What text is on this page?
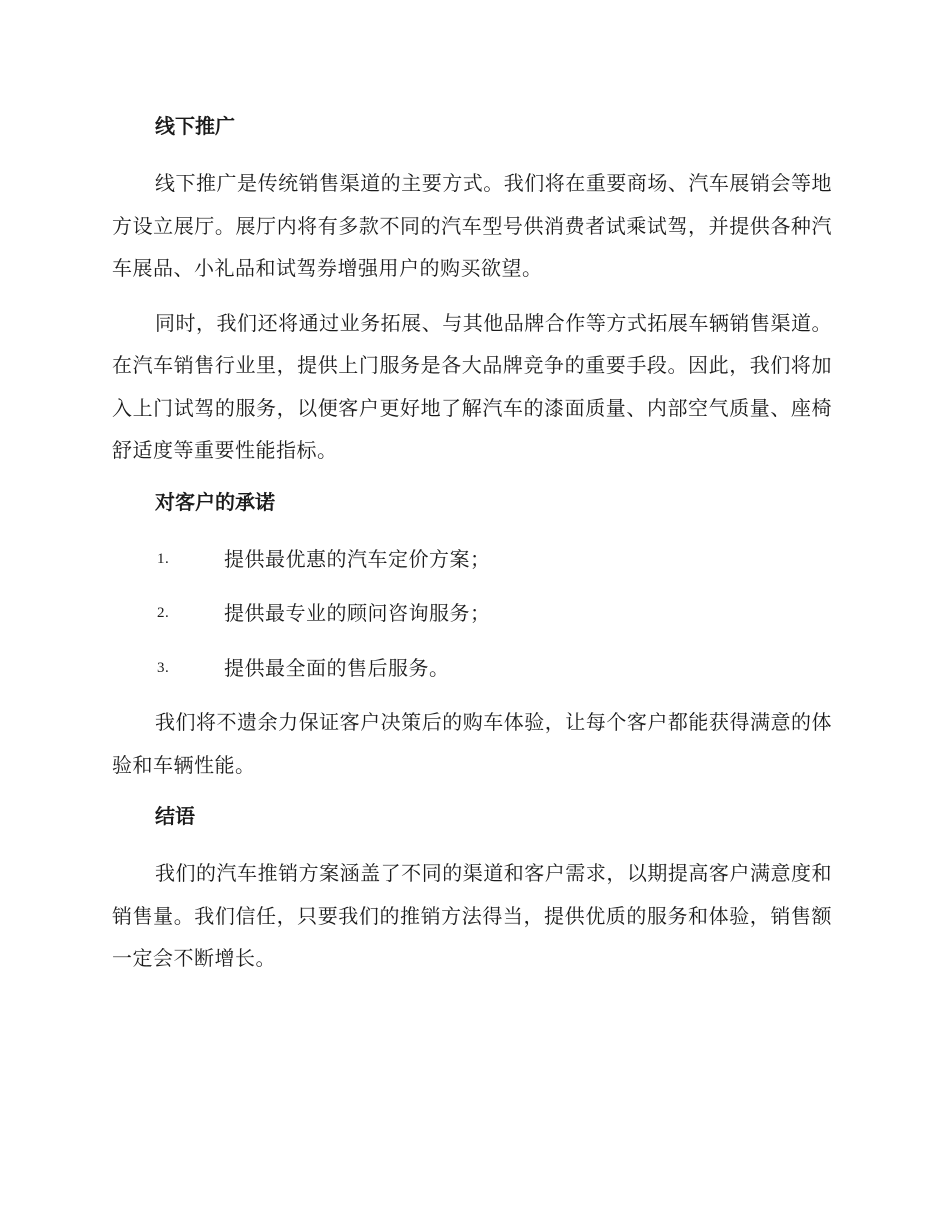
线下推广

线下推广是传统销售渠道的主要方式。我们将在重要商场、汽车展销会等地方设立展厅。展厅内将有多款不同的汽车型号供消费者试乘试驾，并提供各种汽车展品、小礼品和试驾券增强用户的购买欲望。

同时，我们还将通过业务拓展、与其他品牌合作等方式拓展车辆销售渠道。在汽车销售行业里，提供上门服务是各大品牌竞争的重要手段。因此，我们将加入上门试驾的服务，以便客户更好地了解汽车的漆面质量、内部空气质量、座椅舒适度等重要性能指标。

对客户的承诺
1.	提供最优惠的汽车定价方案；
2.	提供最专业的顾问咨询服务；
3.	提供最全面的售后服务。

我们将不遗余力保证客户决策后的购车体验，让每个客户都能获得满意的体验和车辆性能。

结语

我们的汽车推销方案涵盖了不同的渠道和客户需求，以期提高客户满意度和销售量。我们信任，只要我们的推销方法得当，提供优质的服务和体验，销售额一定会不断增长。
